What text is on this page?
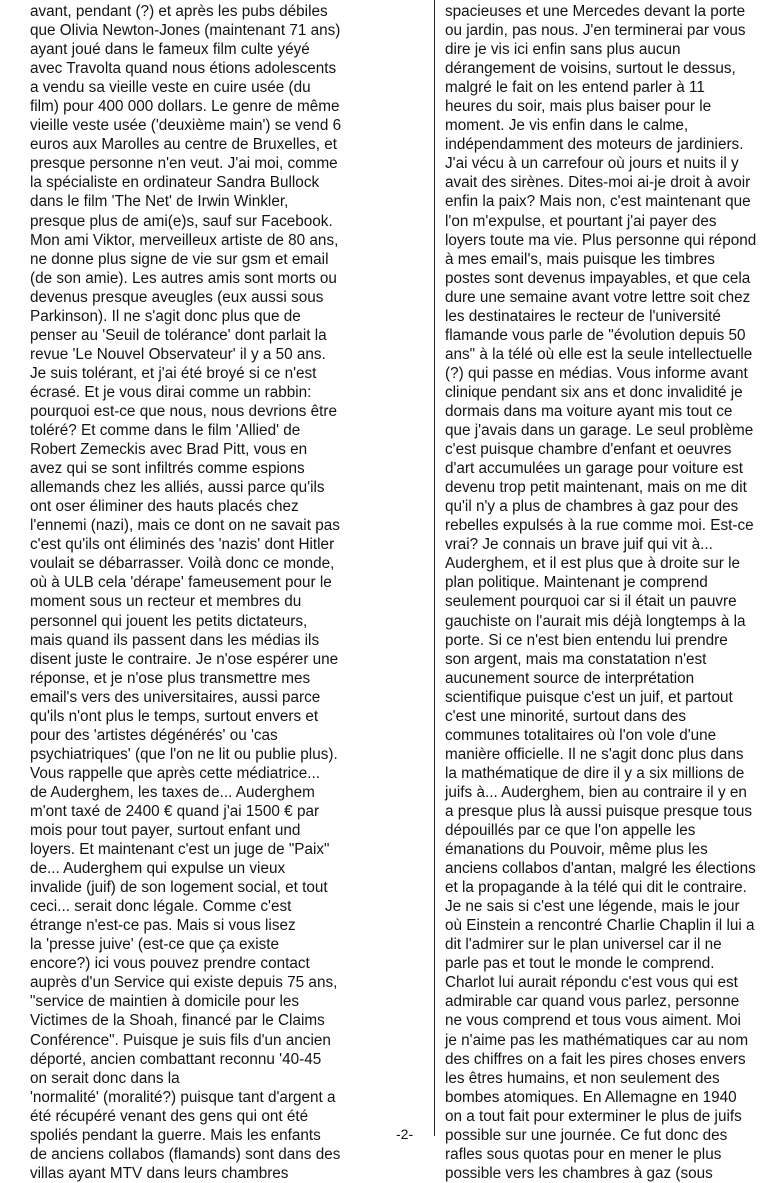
avant, pendant (?) et après les pubs débiles
que Olivia Newton-Jones (maintenant 71 ans)
ayant joué dans le fameux film culte yéyé
avec Travolta quand nous étions adolescents
a vendu sa vieille veste en cuire usée (du
film) pour 400 000 dollars. Le genre de même
vieille veste usée ('deuxième main') se vend 6
euros aux Marolles au centre de Bruxelles, et
presque personne n'en veut. J'ai moi, comme
la spécialiste en ordinateur Sandra Bullock
dans le film 'The Net' de Irwin Winkler,
presque plus de ami(e)s, sauf sur Facebook.
Mon ami Viktor, merveilleux artiste de 80 ans,
ne donne plus signe de vie sur gsm et email
(de son amie). Les autres amis sont morts ou
devenus presque aveugles (eux aussi sous
Parkinson). Il ne s'agit donc plus que de
penser au 'Seuil de tolérance' dont parlait la
revue 'Le Nouvel Observateur' il y a 50 ans.
Je suis tolérant, et j'ai été broyé si ce n'est
écrasé. Et je vous dirai comme un rabbin:
pourquoi est-ce que nous, nous devrions être
toléré? Et comme dans le film 'Allied' de
Robert Zemeckis avec Brad Pitt, vous en
avez qui se sont infiltrés comme espions
allemands chez les alliés, aussi parce qu'ils
ont oser éliminer des hauts placés chez
l'ennemi (nazi), mais ce dont on ne savait pas
c'est qu'ils ont éliminés des 'nazis' dont Hitler
voulait se débarrasser. Voilà donc ce monde,
où à ULB cela 'dérape' fameusement pour le
moment sous un recteur et membres du
personnel qui jouent les petits dictateurs,
mais quand ils passent dans les médias ils
disent juste le contraire. Je n'ose espérer une
réponse, et je n'ose plus transmettre mes
email's vers des universitaires, aussi parce
qu'ils n'ont plus le temps, surtout envers et
pour des 'artistes dégénérés' ou 'cas
psychiatriques' (que l'on ne lit ou publie plus).
Vous rappelle que après cette médiatrice...
de Auderghem, les taxes de... Auderghem
m'ont taxé de 2400 € quand j'ai 1500 € par
mois pour tout payer, surtout enfant und
loyers. Et maintenant c'est un juge de "Paix"
de... Auderghem qui expulse un vieux
invalide (juif) de son logement social, et tout
ceci... serait donc légale. Comme c'est
étrange n'est-ce pas. Mais si vous lisez
la 'presse juive' (est-ce que ça existe
encore?) ici vous pouvez prendre contact
auprès d'un Service qui existe depuis 75 ans,
"service de maintien à domicile pour les
Victimes de la Shoah, financé par le Claims
Conférence". Puisque je suis fils d'un ancien
déporté, ancien combattant reconnu '40-45
on serait donc dans la
'normalité' (moralité?) puisque tant d'argent a
été récupéré venant des gens qui ont été
spoliés pendant la guerre. Mais les enfants
de anciens collabos (flamands) sont dans des
villas ayant MTV dans leurs chambres
spacieuses et une Mercedes devant la porte
ou jardin, pas nous. J'en terminerai par vous
dire je vis ici enfin sans plus aucun
dérangement de voisins, surtout le dessus,
malgré le fait on les entend parler à 11
heures du soir, mais plus baiser pour le
moment. Je vis enfin dans le calme,
indépendamment des moteurs de jardiniers.
J'ai vécu à un carrefour où jours et nuits il y
avait des sirènes. Dites-moi ai-je droit à avoir
enfin la paix? Mais non, c'est maintenant que
l'on m'expulse, et pourtant j'ai payer des
loyers toute ma vie. Plus personne qui répond
à mes email's, mais puisque les timbres
postes sont devenus impayables, et que cela
dure une semaine avant votre lettre soit chez
les destinataires le recteur de l'université
flamande vous parle de "évolution depuis 50
ans" à la télé où elle est la seule intellectuelle
(?) qui passe en médias. Vous informe avant
clinique pendant six ans et donc invalidité je
dormais dans ma voiture ayant mis tout ce
que j'avais dans un garage. Le seul problème
c'est puisque chambre d'enfant et oeuvres
d'art accumulées un garage pour voiture est
devenu trop petit maintenant, mais on me dit
qu'il n'y a plus de chambres à gaz pour des
rebelles expulsés à la rue comme moi. Est-ce
vrai? Je connais un brave juif qui vit à...
Auderghem, et il est plus que à droite sur le
plan politique. Maintenant je comprend
seulement pourquoi car si il était un pauvre
gauchiste on l'aurait mis déjà longtemps à la
porte. Si ce n'est bien entendu lui prendre
son argent, mais ma constatation n'est
aucunement source de interprétation
scientifique puisque c'est un juif, et partout
c'est une minorité, surtout dans des
communes totalitaires où l'on vole d'une
manière officielle. Il ne s'agit donc plus dans
la mathématique de dire il y a six millions de
juifs à... Auderghem, bien au contraire il y en
a presque plus là aussi puisque presque tous
dépouillés par ce que l'on appelle les
émanations du Pouvoir, même plus les
anciens collabos d'antan, malgré les élections
et la propagande à la télé qui dit le contraire.
Je ne sais si c'est une légende, mais le jour
où Einstein a rencontré Charlie Chaplin il lui a
dit l'admirer sur le plan universel car il ne
parle pas et tout le monde le comprend.
Charlot lui aurait répondu c'est vous qui est
admirable car quand vous parlez, personne
ne vous comprend et tous vous aiment. Moi
je n'aime pas les mathématiques car au nom
des chiffres on a fait les pires choses envers
les êtres humains, et non seulement des
bombes atomiques. En Allemagne en 1940
on a tout fait pour exterminer le plus de juifs
possible sur une journée. Ce fut donc des
rafles sous quotas pour en mener le plus
possible vers les chambres à gaz (sous
-2-
